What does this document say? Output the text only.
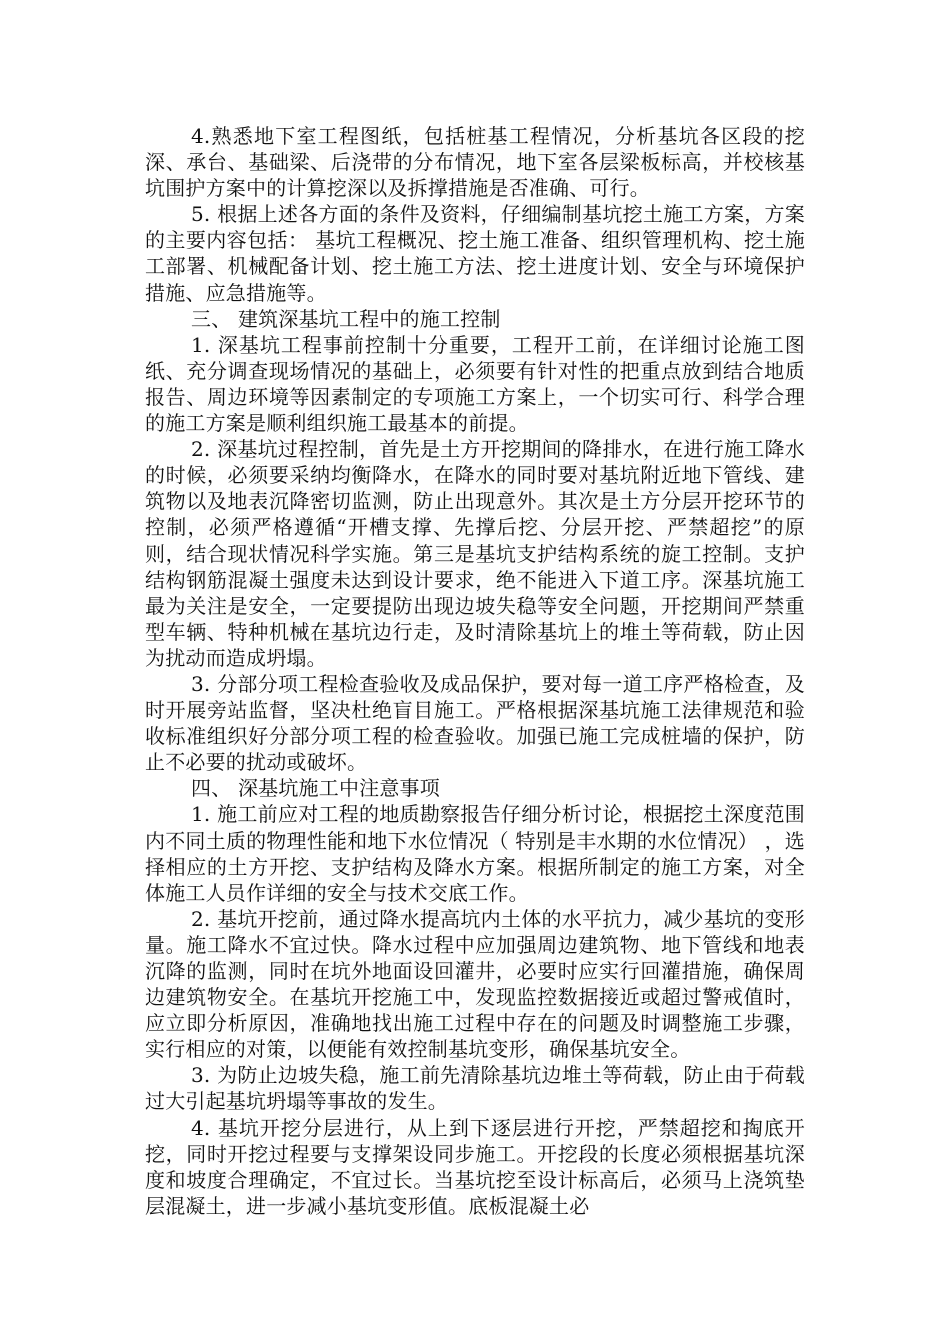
4.熟悉地下室工程图纸，包括桩基工程情况，分析基坑各区段的挖深、承台、基础梁、后浇带的分布情况，地下室各层梁板标高，并校核基坑围护方案中的计算挖深以及拆撑措施是否准确、可行。

5. 根据上述各方面的条件及资料，仔细编制基坑挖土施工方案，方案的主要内容包括： 基坑工程概况、挖土施工准备、组织管理机构、挖土施工部署、机械配备计划、挖土施工方法、挖土进度计划、安全与环境保护措施、应急措施等。

三、 建筑深基坑工程中的施工控制

1. 深基坑工程事前控制十分重要，工程开工前，在详细讨论施工图纸、充分调查现场情况的基础上，必须要有针对性的把重点放到结合地质报告、周边环境等因素制定的专项施工方案上，一个切实可行、科学合理的施工方案是顺利组织施工最基本的前提。

2. 深基坑过程控制，首先是土方开挖期间的降排水，在进行施工降水的时候，必须要采纳均衡降水，在降水的同时要对基坑附近地下管线、建筑物以及地表沉降密切监测，防止出现意外。其次是土方分层开挖环节的控制，必须严格遵循“开槽支撑、先撑后挖、分层开挖、严禁超挖”的原则，结合现状情况科学实施。第三是基坑支护结构系统的旋工控制。支护结构钢筋混凝土强度未达到设计要求，绝不能进入下道工序。深基坑施工最为关注是安全，一定要提防出现边坡失稳等安全问题，开挖期间严禁重型车辆、特种机械在基坑边行走，及时清除基坑上的堆土等荷载，防止因为扰动而造成坍塌。

3. 分部分项工程检查验收及成品保护，要对每一道工序严格检查，及时开展旁站监督，坚决杜绝盲目施工。严格根据深基坑施工法律规范和验收标准组织好分部分项工程的检查验收。加强已施工完成桩墙的保护，防止不必要的扰动或破坏。

四、 深基坑施工中注意事项

1. 施工前应对工程的地质勘察报告仔细分析讨论，根据挖土深度范围内不同土质的物理性能和地下水位情况（ 特别是丰水期的水位情况） ，选择相应的土方开挖、支护结构及降水方案。根据所制定的施工方案，对全体施工人员作详细的安全与技术交底工作。

2. 基坑开挖前，通过降水提高坑内土体的水平抗力，减少基坑的变形量。施工降水不宜过快。降水过程中应加强周边建筑物、地下管线和地表沉降的监测，同时在坑外地面设回灌井，必要时应实行回灌措施，确保周边建筑物安全。在基坑开挖施工中，发现监控数据接近或超过警戒值时，应立即分析原因，准确地找出施工过程中存在的问题及时调整施工步骤，实行相应的对策，以便能有效控制基坑变形，确保基坑安全。

3. 为防止边坡失稳，施工前先清除基坑边堆土等荷载，防止由于荷载过大引起基坑坍塌等事故的发生。

4. 基坑开挖分层进行，从上到下逐层进行开挖，严禁超挖和掏底开挖，同时开挖过程要与支撑架设同步施工。开挖段的长度必须根据基坑深度和坡度合理确定，不宜过长。当基坑挖至设计标高后，必须马上浇筑垫层混凝土，进一步减小基坑变形值。底板混凝土必
